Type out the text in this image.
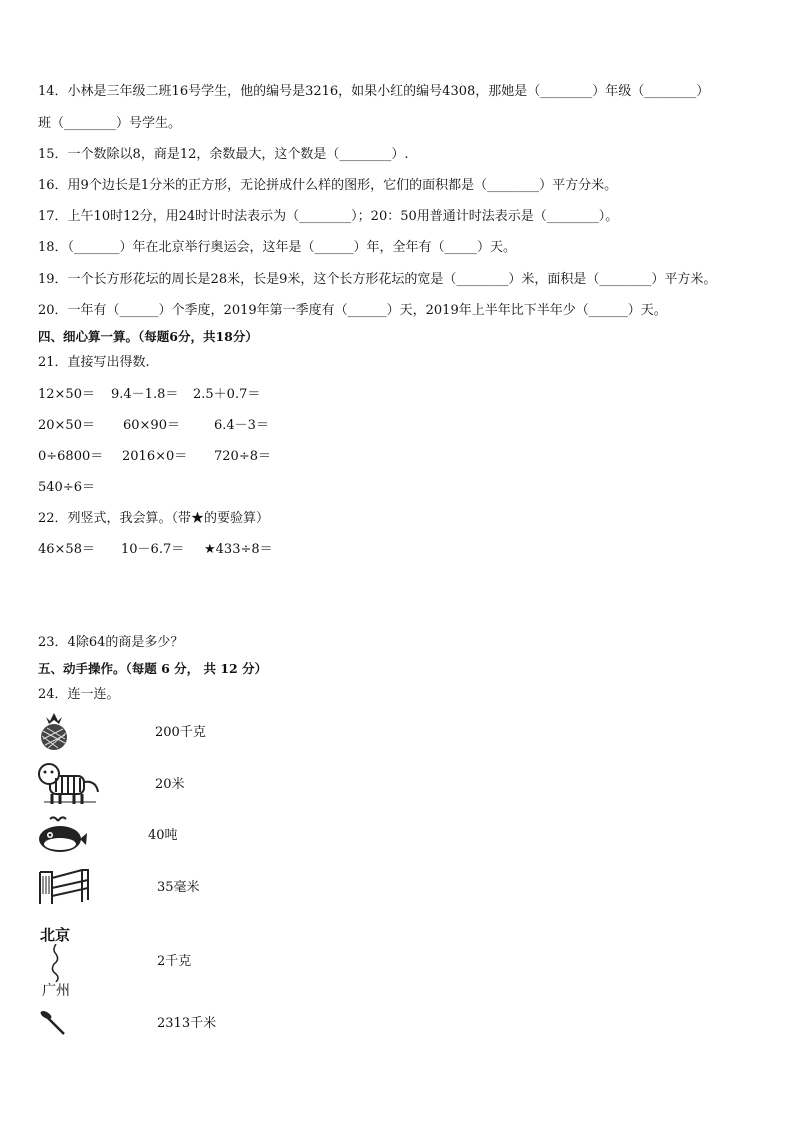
14．小林是三年级二班16号学生，他的编号是3216，如果小红的编号4308，那她是（________）年级（________）
班（________）号学生。
15．一个数除以8，商是12，余数最大，这个数是（________）.
16．用9个边长是1分米的正方形，无论拼成什么样的图形，它们的面积都是（________）平方分米。
17．上午10时12分，用24时计时法表示为（________）；20：50用普通计时法表示是（________）。
18．（_______）年在北京举行奥运会，这年是（______）年，全年有（_____）天。
19．一个长方形花坛的周长是28米，长是9米，这个长方形花坛的宽是（________）米，面积是（________）平方米。
20．一年有（______）个季度，2019年第一季度有（______）天，2019年上半年比下半年少（______）天。
四、细心算一算。（每题6分，共18分）
21．直接写出得数.
12×50＝ 9.4－1.8＝ 2.5＋0.7＝
20×50＝ 60×90＝	6.4－3＝
0÷6800＝ 2016×0＝ 720÷8＝
540÷6＝
22．列竖式，我会算。（带★的要验算）
46×58＝ 10－6.7＝ ★433÷8＝
23．4除64的商是多少？
五、动手操作。（每题 6 分， 共 12 分）
24．连一连。
北京
广州
200千克
20米
40吨
35毫米
2千克
2313千米
